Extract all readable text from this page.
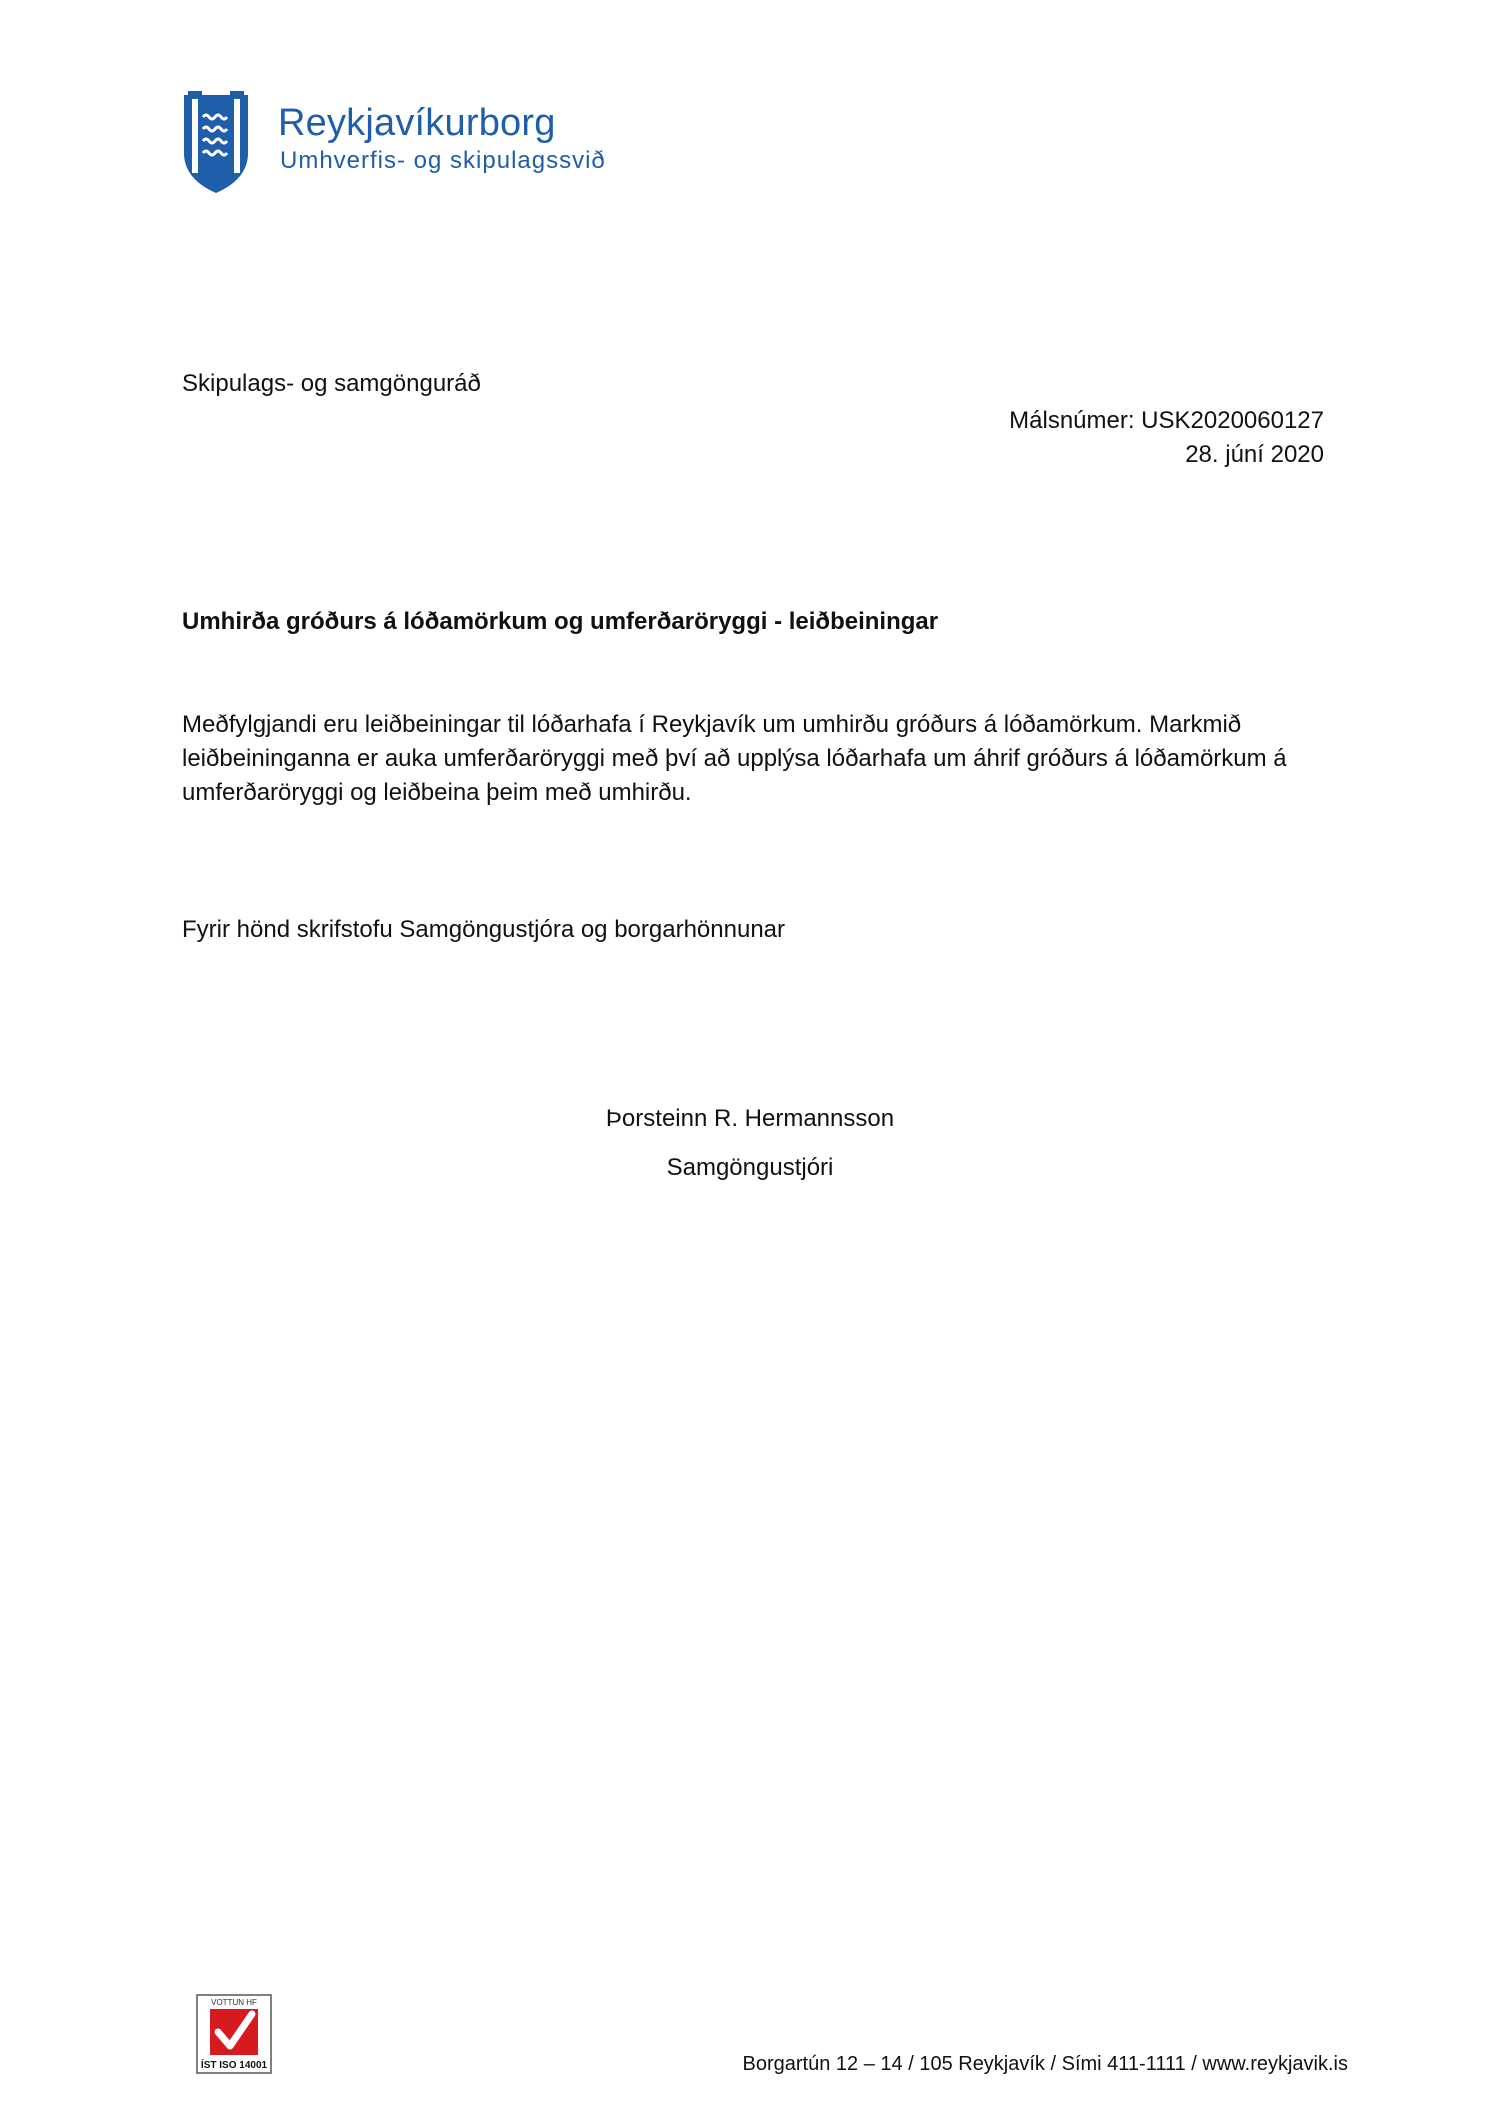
Reykjavíkurborg
Umhverfis- og skipulagssvið
Skipulags- og samgönguráð
Málsnúmer: USK2020060127
28. júní 2020
Umhirða gróðurs á lóðamörkum og umferðaröryggi - leiðbeiningar
Meðfylgjandi eru leiðbeiningar til lóðarhafa í Reykjavík um umhirðu gróðurs á lóðamörkum. Markmið leiðbeininganna er auka umferðaröryggi með því að upplýsa lóðarhafa um áhrif gróðurs á lóðamörkum á umferðaröryggi og leiðbeina þeim með umhirðu.
Fyrir hönd skrifstofu Samgöngustjóra og borgarhönnunar
Þorsteinn R. Hermannsson
Samgöngustjóri
VOTTUN HF
ÍST ISO 14001	Borgartún 12 – 14 / 105 Reykjavík / Sími 411-1111 / www.reykjavik.is
